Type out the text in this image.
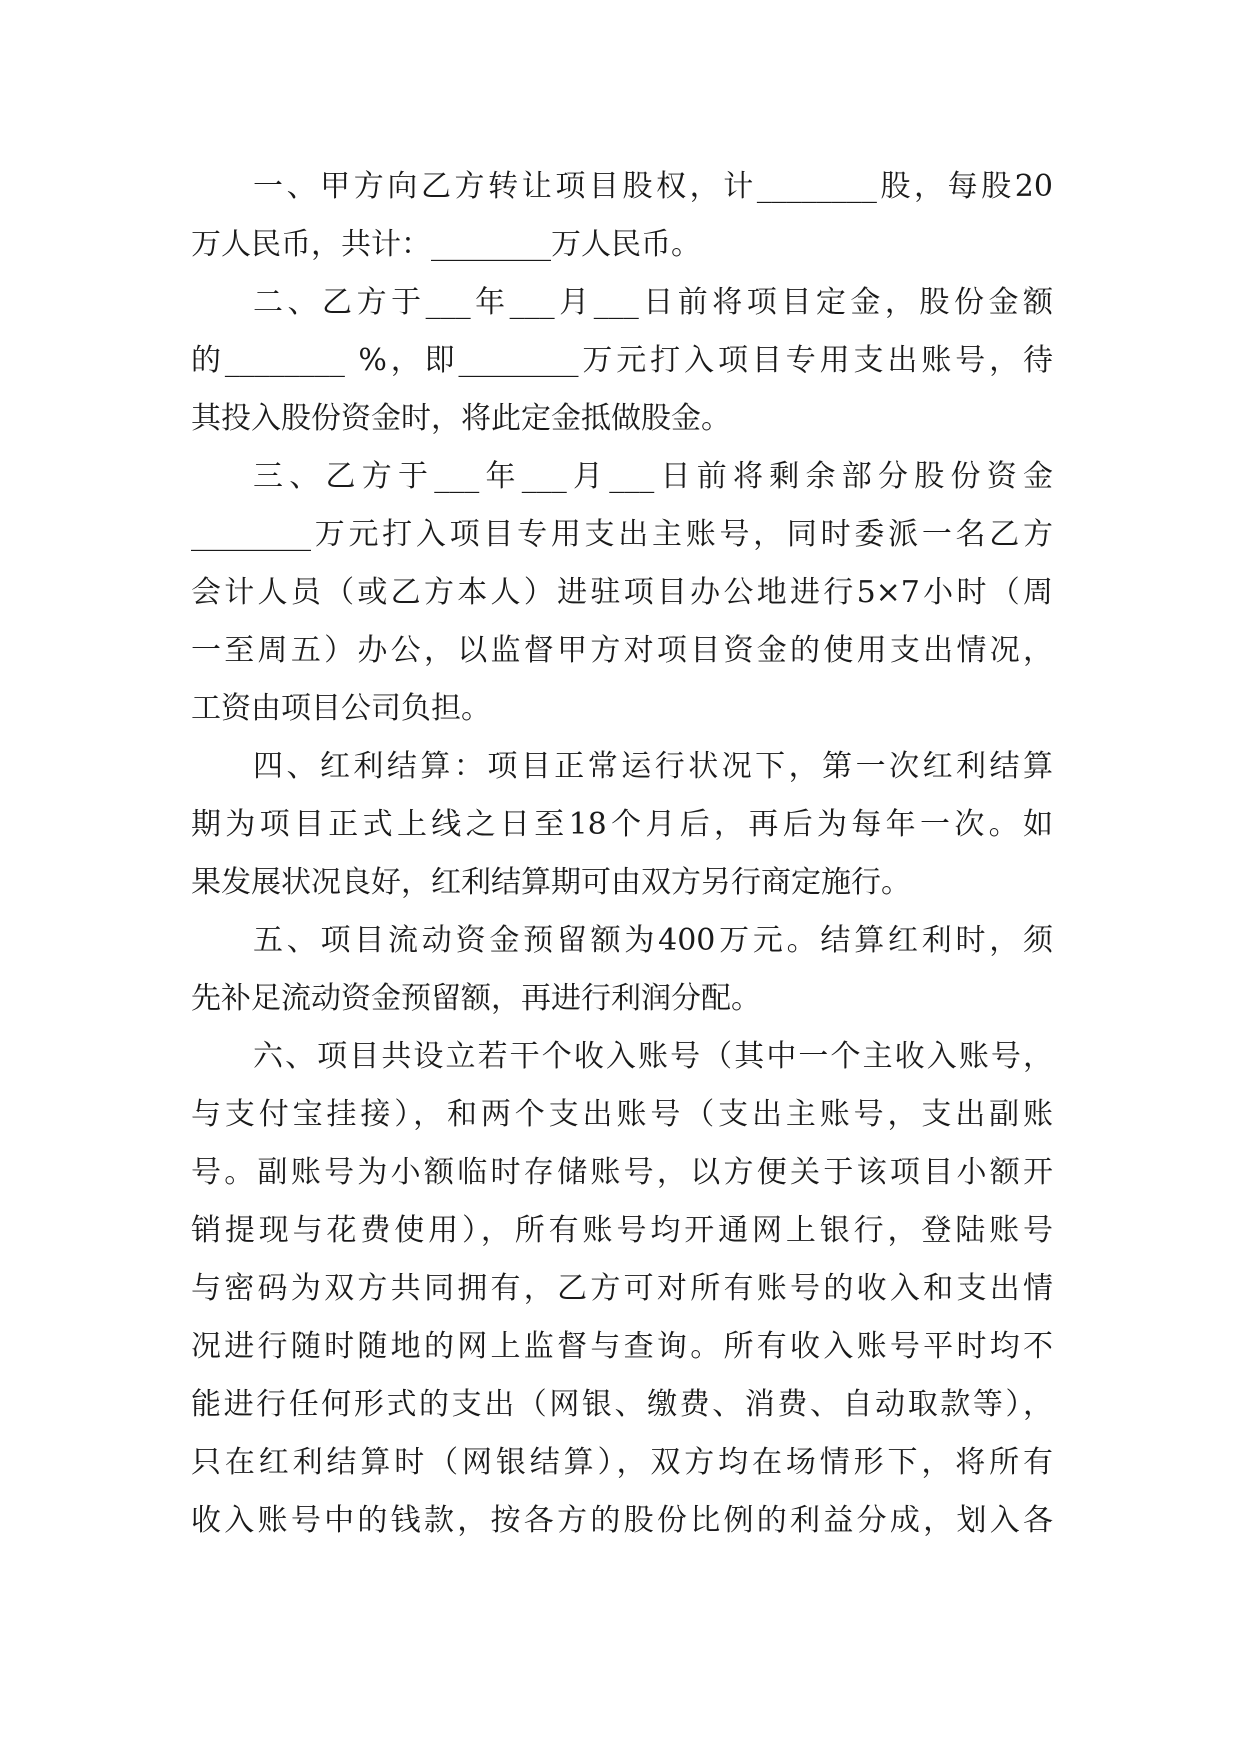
一、甲方向乙方转让项目股权，计________股，每股20
万人民币，共计：________万人民币。
二、乙方于___年___月___日前将项目定金，股份金额
的________ %，即________万元打入项目专用支出账号，待
其投入股份资金时，将此定金抵做股金。
三、乙方于___年___月___日前将剩余部分股份资金
________万元打入项目专用支出主账号，同时委派一名乙方
会计人员（或乙方本人）进驻项目办公地进行5×7小时（周
一至周五）办公，以监督甲方对项目资金的使用支出情况，
工资由项目公司负担。
四、红利结算：项目正常运行状况下，第一次红利结算
期为项目正式上线之日至18个月后，再后为每年一次。如
果发展状况良好，红利结算期可由双方另行商定施行。
五、项目流动资金预留额为400万元。结算红利时，须
先补足流动资金预留额，再进行利润分配。
六、项目共设立若干个收入账号（其中一个主收入账号，
与支付宝挂接），和两个支出账号（支出主账号，支出副账
号。副账号为小额临时存储账号，以方便关于该项目小额开
销提现与花费使用），所有账号均开通网上银行，登陆账号
与密码为双方共同拥有，乙方可对所有账号的收入和支出情
况进行随时随地的网上监督与查询。所有收入账号平时均不
能进行任何形式的支出（网银、缴费、消费、自动取款等），
只在红利结算时（网银结算），双方均在场情形下，将所有
收入账号中的钱款，按各方的股份比例的利益分成，划入各
